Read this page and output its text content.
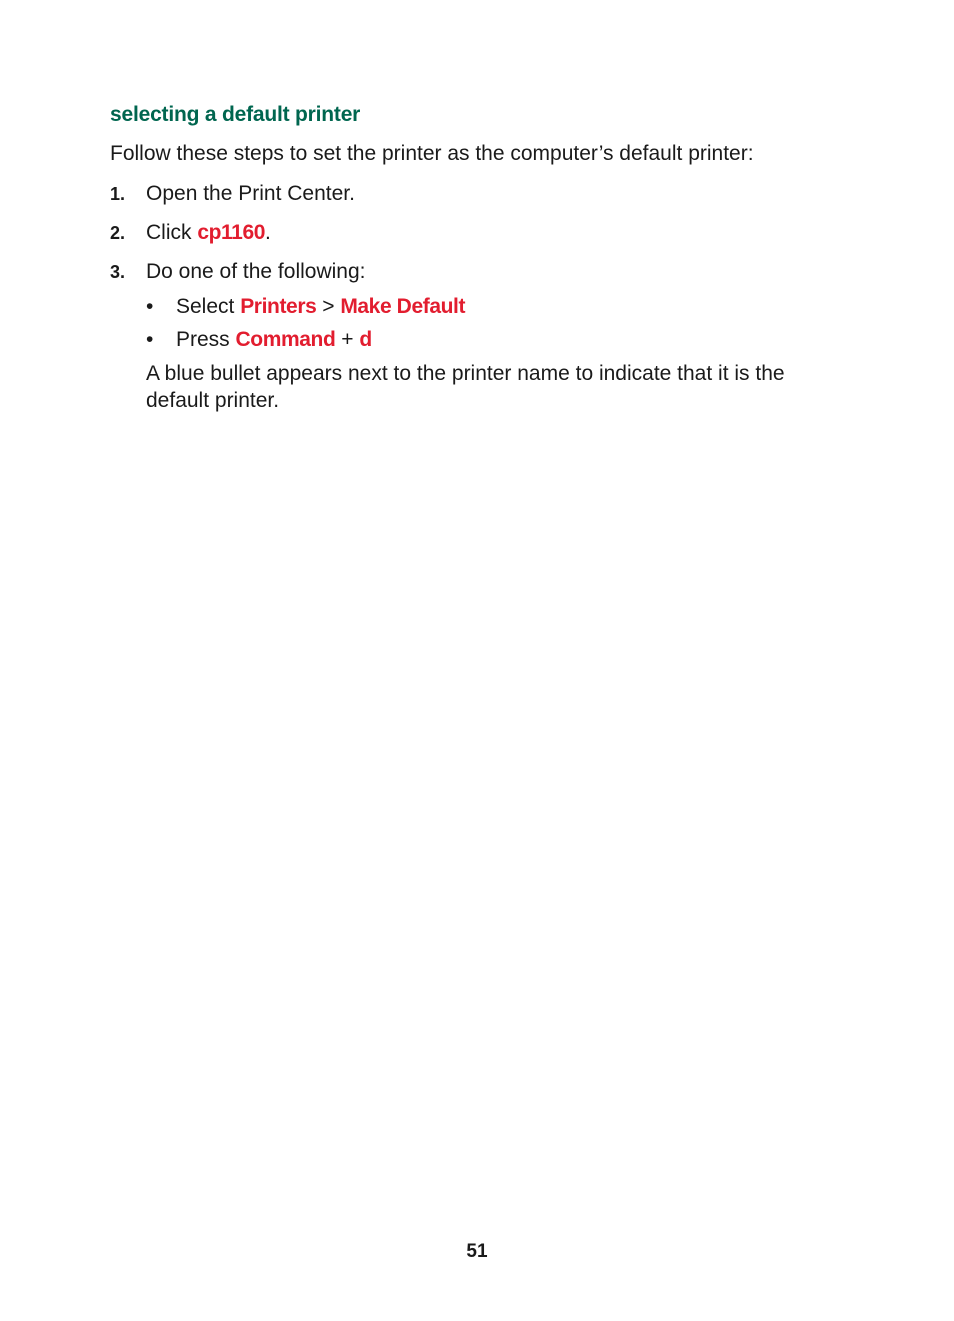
selecting a default printer
Follow these steps to set the printer as the computer’s default printer:
1. Open the Print Center.
2. Click cp1160.
3. Do one of the following:
• Select Printers > Make Default
• Press Command + d
A blue bullet appears next to the printer name to indicate that it is the default printer.
51
